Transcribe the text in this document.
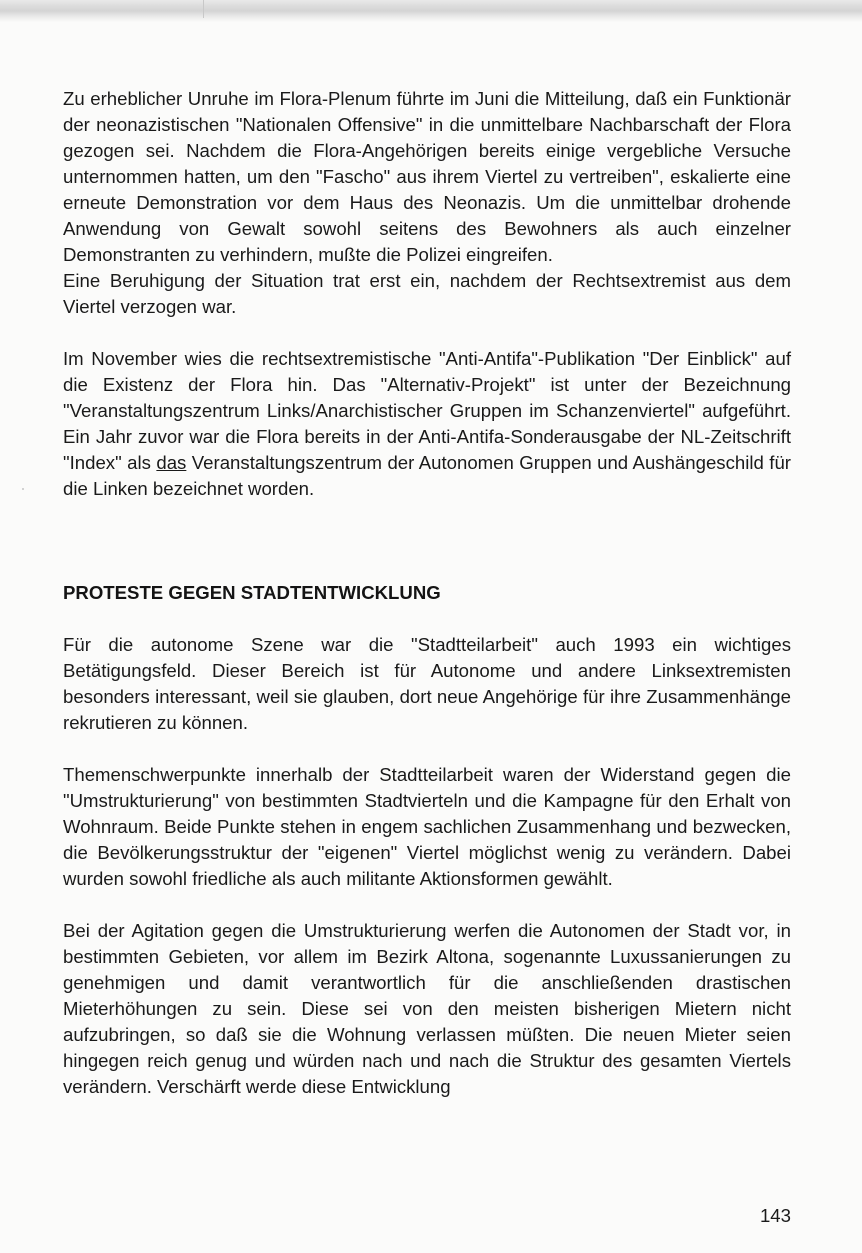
Zu erheblicher Unruhe im Flora-Plenum führte im Juni die Mitteilung, daß ein Funktionär der neonazistischen "Nationalen Offensive" in die unmittelbare Nachbarschaft der Flora gezogen sei. Nachdem die Flora-Angehörigen bereits einige vergebliche Versuche unternommen hatten, um den "Fascho" aus ihrem Viertel zu vertreiben", eskalierte eine erneute Demonstration vor dem Haus des Neonazis. Um die unmittelbar drohende Anwendung von Gewalt sowohl seitens des Bewohners als auch einzelner Demonstranten zu verhindern, mußte die Polizei eingreifen.

Eine Beruhigung der Situation trat erst ein, nachdem der Rechtsextremist aus dem Viertel verzogen war.

Im November wies die rechtsextremistische "Anti-Antifa"-Publikation "Der Einblick" auf die Existenz der Flora hin. Das "Alternativ-Projekt" ist unter der Bezeichnung "Veranstaltungszentrum Links/Anarchistischer Gruppen im Schanzenviertel" aufgeführt. Ein Jahr zuvor war die Flora bereits in der Anti-Antifa-Sonderausgabe der NL-Zeitschrift "Index" als das Veranstaltungszentrum der Autonomen Gruppen und Aushängeschild für die Linken bezeichnet worden.

PROTESTE GEGEN STADTENTWICKLUNG

Für die autonome Szene war die "Stadtteilarbeit" auch 1993 ein wichtiges Betätigungsfeld. Dieser Bereich ist für Autonome und andere Linksextremisten besonders interessant, weil sie glauben, dort neue Angehörige für ihre Zusammenhänge rekrutieren zu können.

Themenschwerpunkte innerhalb der Stadtteilarbeit waren der Widerstand gegen die "Umstrukturierung" von bestimmten Stadtvierteln und die Kampagne für den Erhalt von Wohnraum. Beide Punkte stehen in engem sachlichen Zusammenhang und bezwecken, die Bevölkerungsstruktur der "eigenen" Viertel möglichst wenig zu verändern. Dabei wurden sowohl friedliche als auch militante Aktionsformen gewählt.

Bei der Agitation gegen die Umstrukturierung werfen die Autonomen der Stadt vor, in bestimmten Gebieten, vor allem im Bezirk Altona, sogenannte Luxussanierungen zu genehmigen und damit verantwortlich für die anschließenden drastischen Mieterhöhungen zu sein. Diese sei von den meisten bisherigen Mietern nicht aufzubringen, so daß sie die Wohnung verlassen müßten. Die neuen Mieter seien hingegen reich genug und würden nach und nach die Struktur des gesamten Viertels verändern. Verschärft werde diese Entwicklung

143
